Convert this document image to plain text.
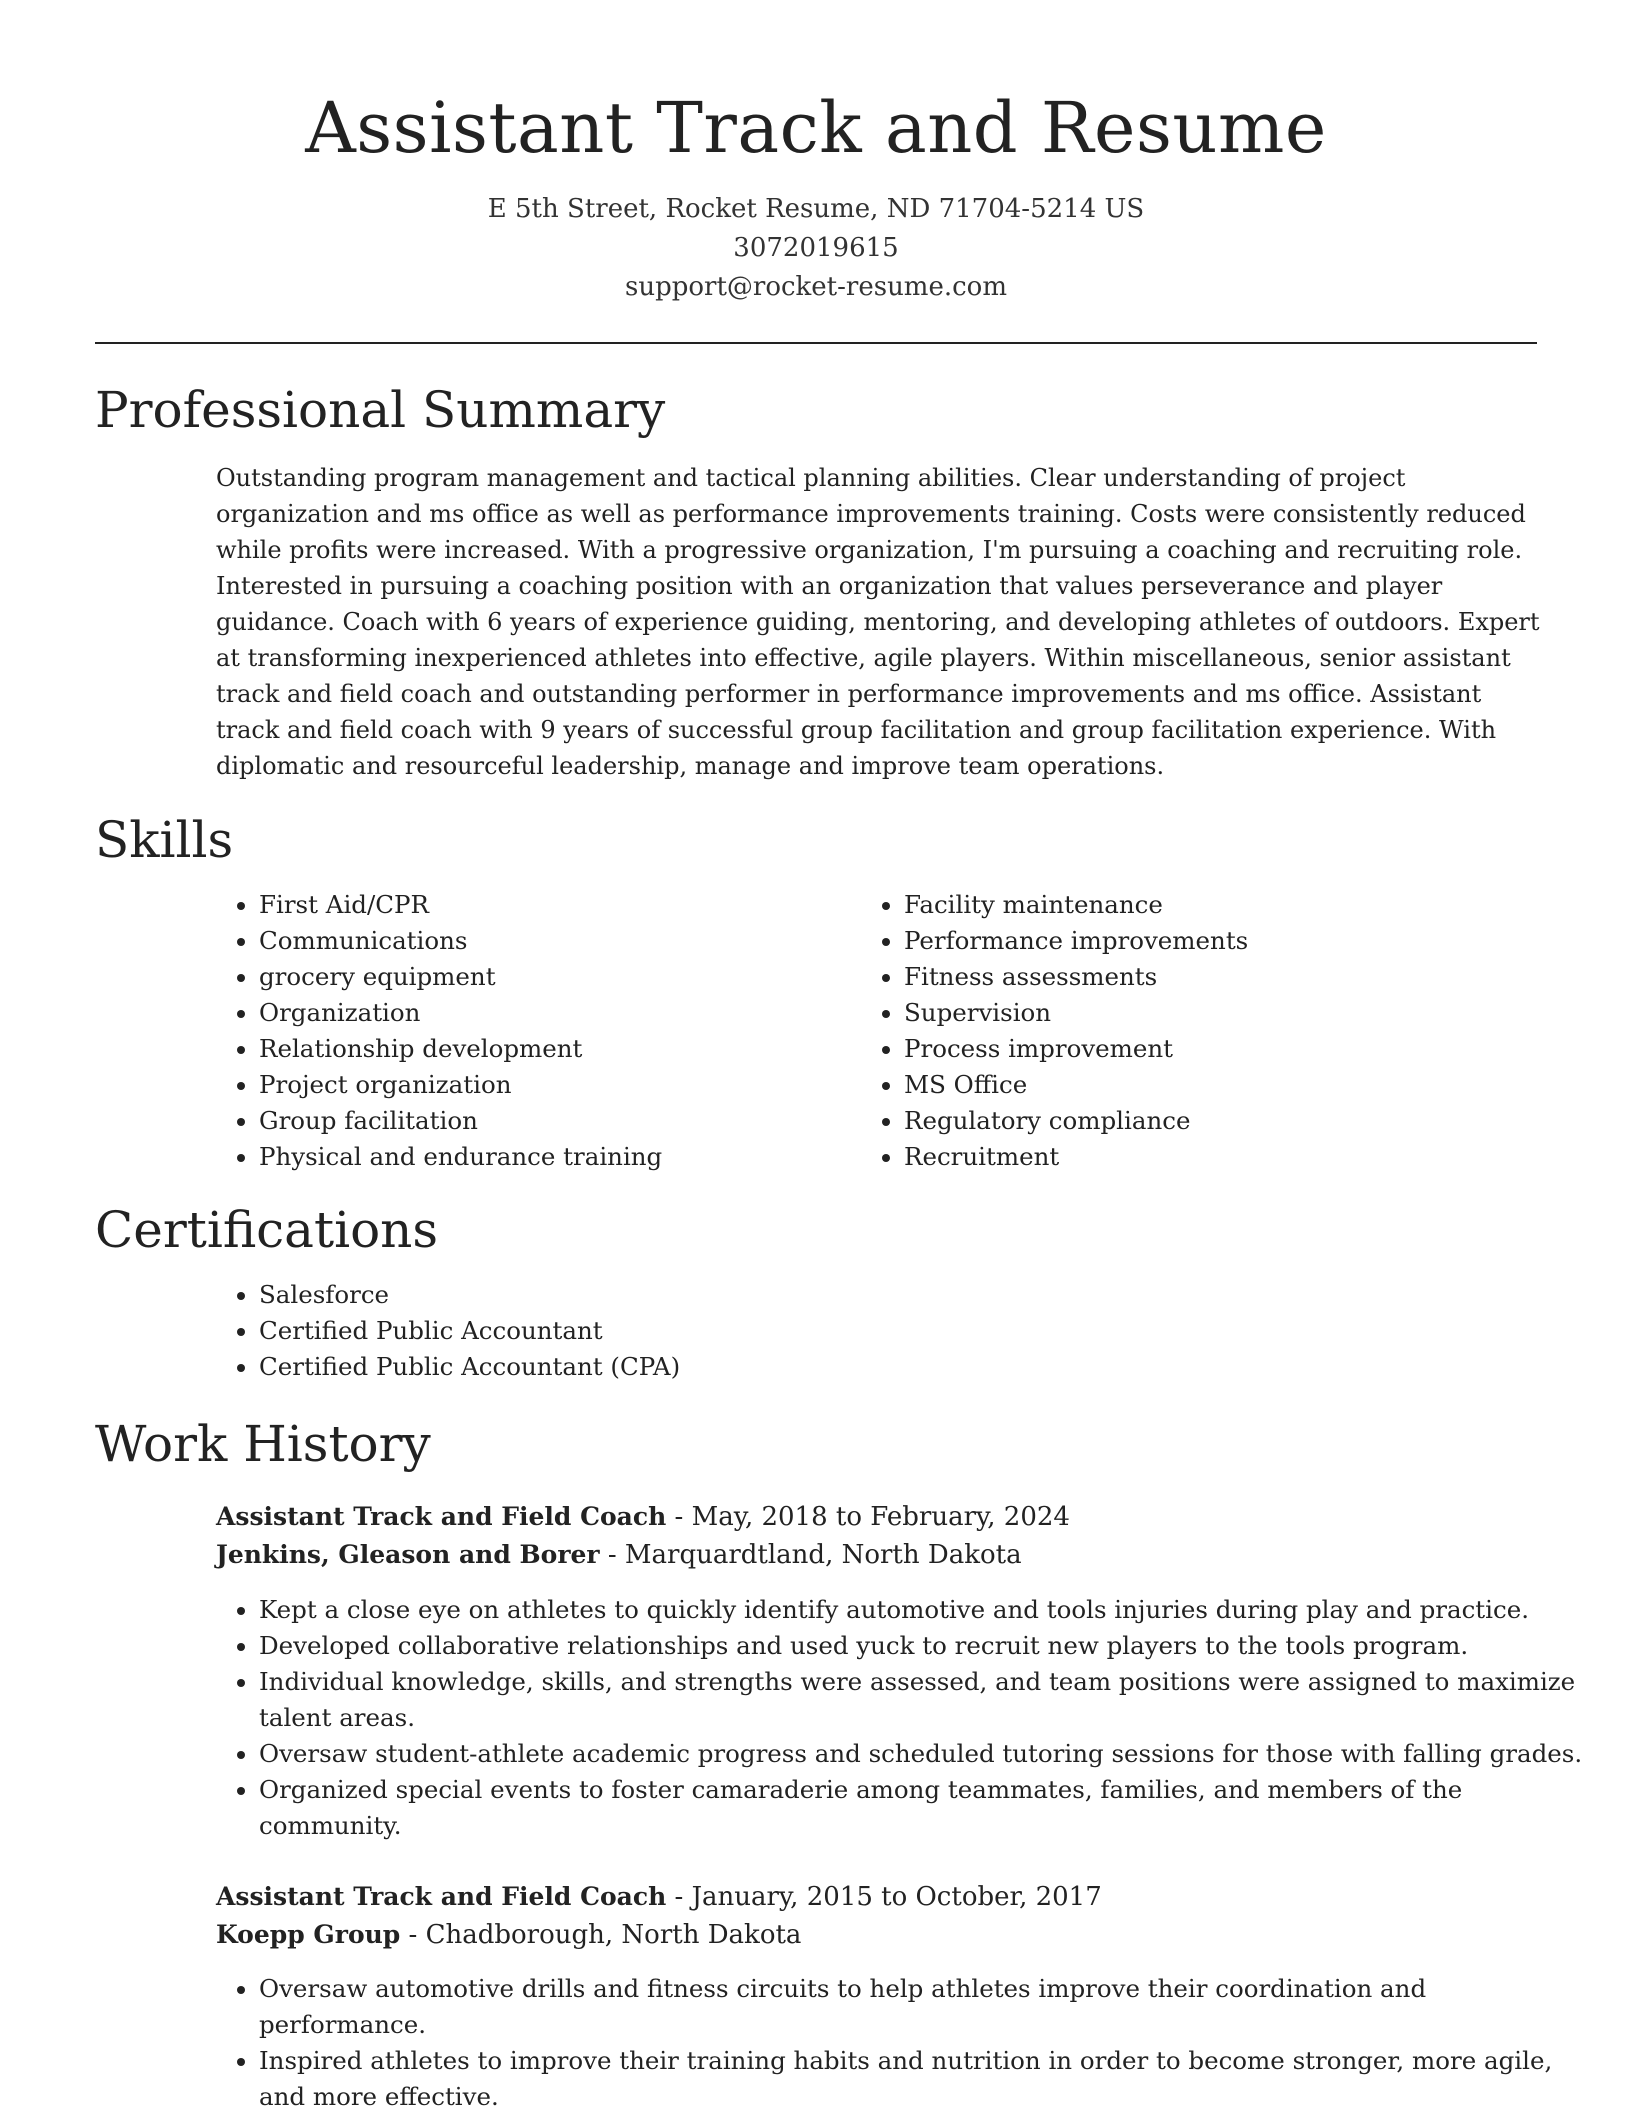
Assistant Track and Resume
E 5th Street, Rocket Resume, ND 71704-5214 US
3072019615
support@rocket-resume.com
Professional Summary

Outstanding program management and tactical planning abilities. Clear understanding of project organization and ms office as well as performance improvements training. Costs were consistently reduced while profits were increased. With a progressive organization, I'm pursuing a coaching and recruiting role. Interested in pursuing a coaching position with an organization that values perseverance and player guidance. Coach with 6 years of experience guiding, mentoring, and developing athletes of outdoors. Expert at transforming inexperienced athletes into effective, agile players. Within miscellaneous, senior assistant track and field coach and outstanding performer in performance improvements and ms office. Assistant track and field coach with 9 years of successful group facilitation and group facilitation experience. With diplomatic and resourceful leadership, manage and improve team operations.

Skills
• First Aid/CPR
• Communications
• grocery equipment
• Organization
• Relationship development
• Project organization
• Group facilitation
• Physical and endurance training
• Facility maintenance
• Performance improvements
• Fitness assessments
• Supervision
• Process improvement
• MS Office
• Regulatory compliance
• Recruitment
Certifications
• Salesforce
• Certified Public Accountant
• Certified Public Accountant (CPA)
Work History
Assistant Track and Field Coach - May, 2018 to February, 2024
Jenkins, Gleason and Borer - Marquardtland, North Dakota
• Kept a close eye on athletes to quickly identify automotive and tools injuries during play and practice.
• Developed collaborative relationships and used yuck to recruit new players to the tools program.
• Individual knowledge, skills, and strengths were assessed, and team positions were assigned to maximize talent areas.
• Oversaw student-athlete academic progress and scheduled tutoring sessions for those with falling grades.
• Organized special events to foster camaraderie among teammates, families, and members of the community.
Assistant Track and Field Coach - January, 2015 to October, 2017
Koepp Group - Chadborough, North Dakota
• Oversaw automotive drills and fitness circuits to help athletes improve their coordination and performance.
• Inspired athletes to improve their training habits and nutrition in order to become stronger, more agile, and more effective.
